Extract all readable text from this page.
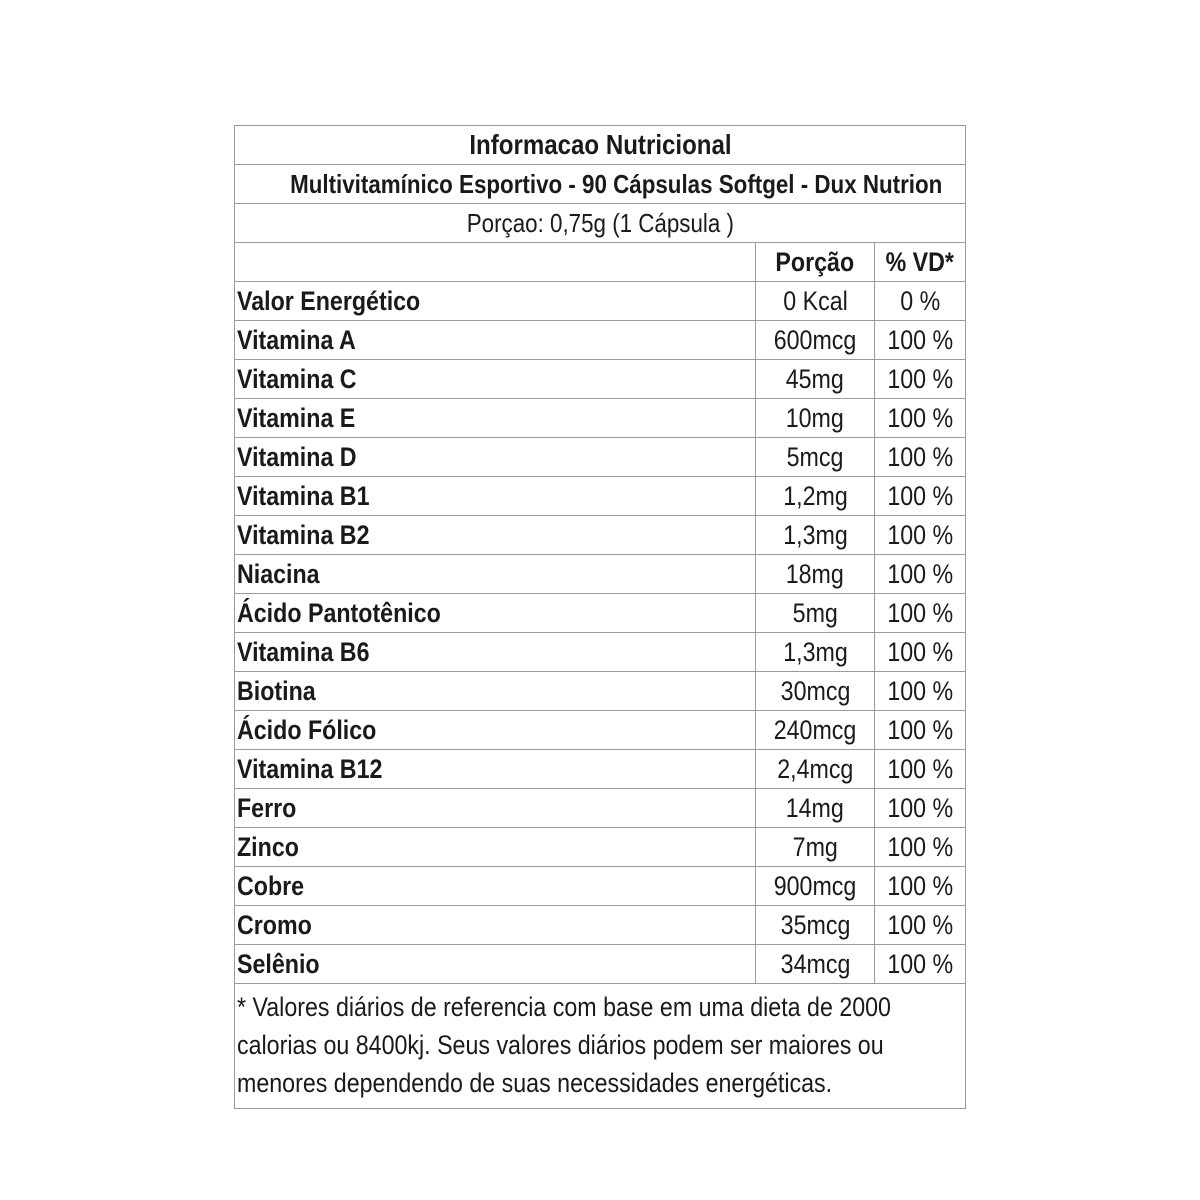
Informacao Nutricional		
Multivitamínico Esportivo - 90 Cápsulas Softgel - Dux Nutrion		
Porçao: 0,75g (1 Cápsula )		
	Porção	% VD*
Valor Energético	0 Kcal	0 %
Vitamina A	600mcg	100 %
Vitamina C	45mg	100 %
Vitamina E	10mg	100 %
Vitamina D	5mcg	100 %
Vitamina B1	1,2mg	100 %
Vitamina B2	1,3mg	100 %
Niacina	18mg	100 %
Ácido Pantotênico	5mg	100 %
Vitamina B6	1,3mg	100 %
Biotina	30mcg	100 %
Ácido Fólico	240mcg	100 %
Vitamina B12	2,4mcg	100 %
Ferro	14mg	100 %
Zinco	7mg	100 %
Cobre	900mcg	100 %
Cromo	35mcg	100 %
Selênio	34mcg	100 %

* Valores diários de referencia com base em uma dieta de 2000 calorias ou 8400kj. Seus valores diários podem ser maiores ou menores dependendo de suas necessidades energéticas.		
